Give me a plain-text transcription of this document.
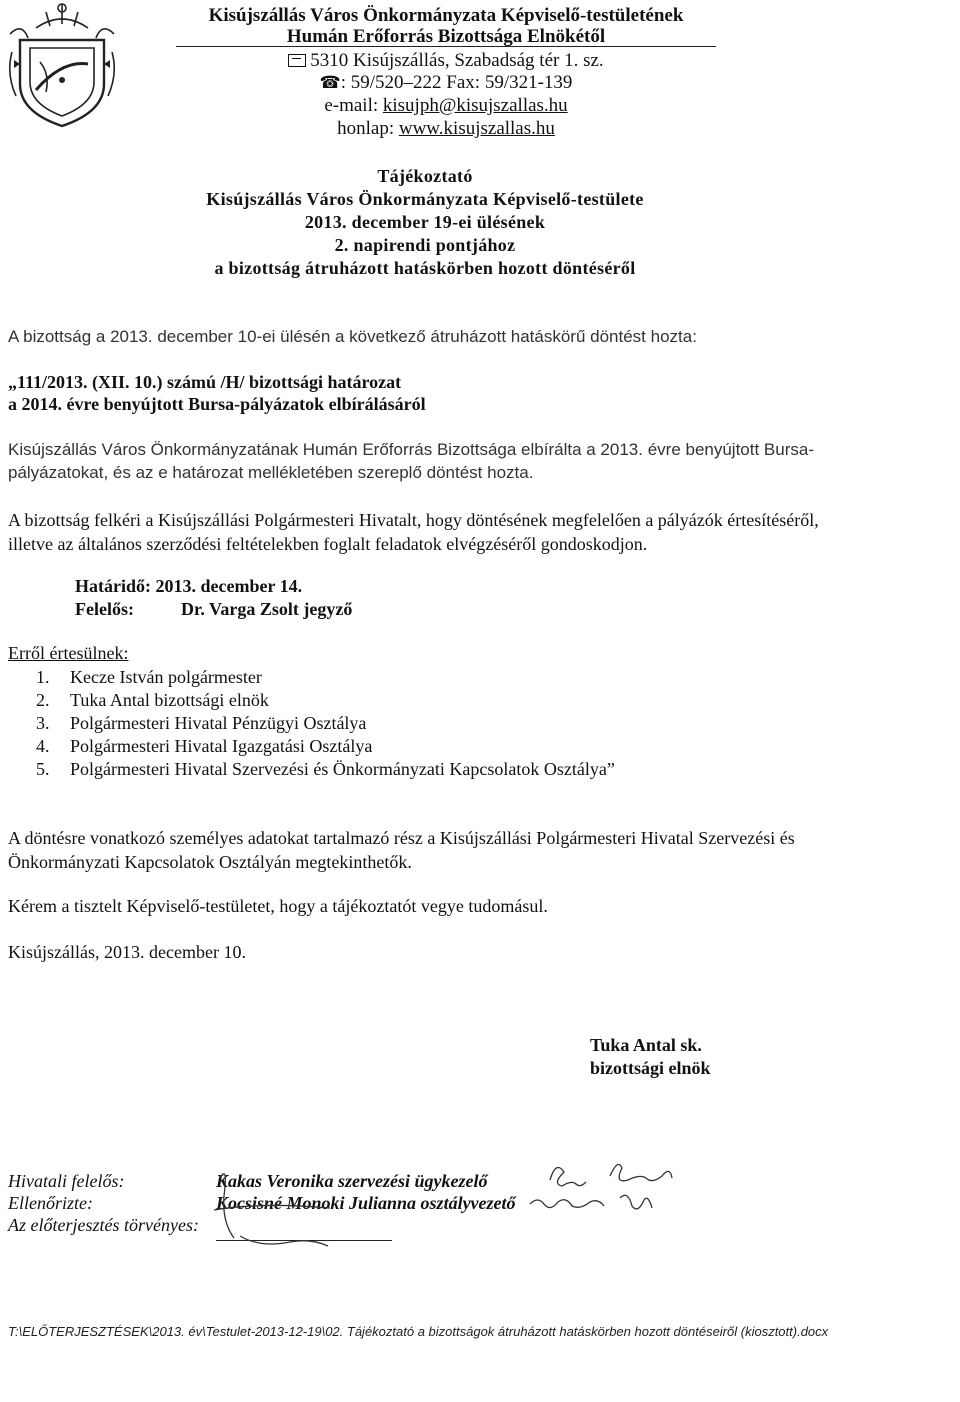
Kisújszállás Város Önkormányzata Képviselő-testületének
Humán Erőforrás Bizottsága Elnökétől
5310 Kisújszállás, Szabadság tér 1. sz.
☎: 59/520–222 Fax: 59/321-139
e-mail: kisujph@kisujszallas.hu
honlap: www.kisujszallas.hu
Tájékoztató
Kisújszállás Város Önkormányzata Képviselő-testülete
2013. december 19-ei ülésének
2. napirendi pontjához
a bizottság átruházott hatáskörben hozott döntéséről
A bizottság a 2013. december 10-ei ülésén a következő átruházott hatáskörű döntést hozta:
„111/2013. (XII. 10.) számú /H/ bizottsági határozat
a 2014. évre benyújtott Bursa-pályázatok elbírálásáról
Kisújszállás Város Önkormányzatának Humán Erőforrás Bizottsága elbírálta a 2013. évre benyújtott Bursa-pályázatokat, és az e határozat mellékletében szereplő döntést hozta.
A bizottság felkéri a Kisújszállási Polgármesteri Hivatalt, hogy döntésének megfelelően a pályázók értesítéséről, illetve az általános szerződési feltételekben foglalt feladatok elvégzéséről gondoskodjon.
Határidő: 2013. december 14.
Felelős:	Dr. Varga Zsolt jegyző
Erről értesülnek:
1. Kecze István polgármester
2. Tuka Antal bizottsági elnök
3. Polgármesteri Hivatal Pénzügyi Osztálya
4. Polgármesteri Hivatal Igazgatási Osztálya
5. Polgármesteri Hivatal Szervezési és Önkormányzati Kapcsolatok Osztálya”
A döntésre vonatkozó személyes adatokat tartalmazó rész a Kisújszállási Polgármesteri Hivatal Szervezési és Önkormányzati Kapcsolatok Osztályán megtekinthetők.
Kérem a tisztelt Képviselő-testületet, hogy a tájékoztatót vegye tudomásul.
Kisújszállás, 2013. december 10.
Tuka Antal sk.
bizottsági elnök
Hivatali felelős:
Ellenőrizte:
Az előterjesztés törvényes:
Kakas Veronika szervezési ügykezelő
Kocsisné Monoki Julianna osztályvezető
T:\ELŐTERJESZTÉSEK\2013. év\Testulet-2013-12-19\02. Tájékoztató a bizottságok átruházott hatáskörben hozott döntéseiről (kiosztott).docx
